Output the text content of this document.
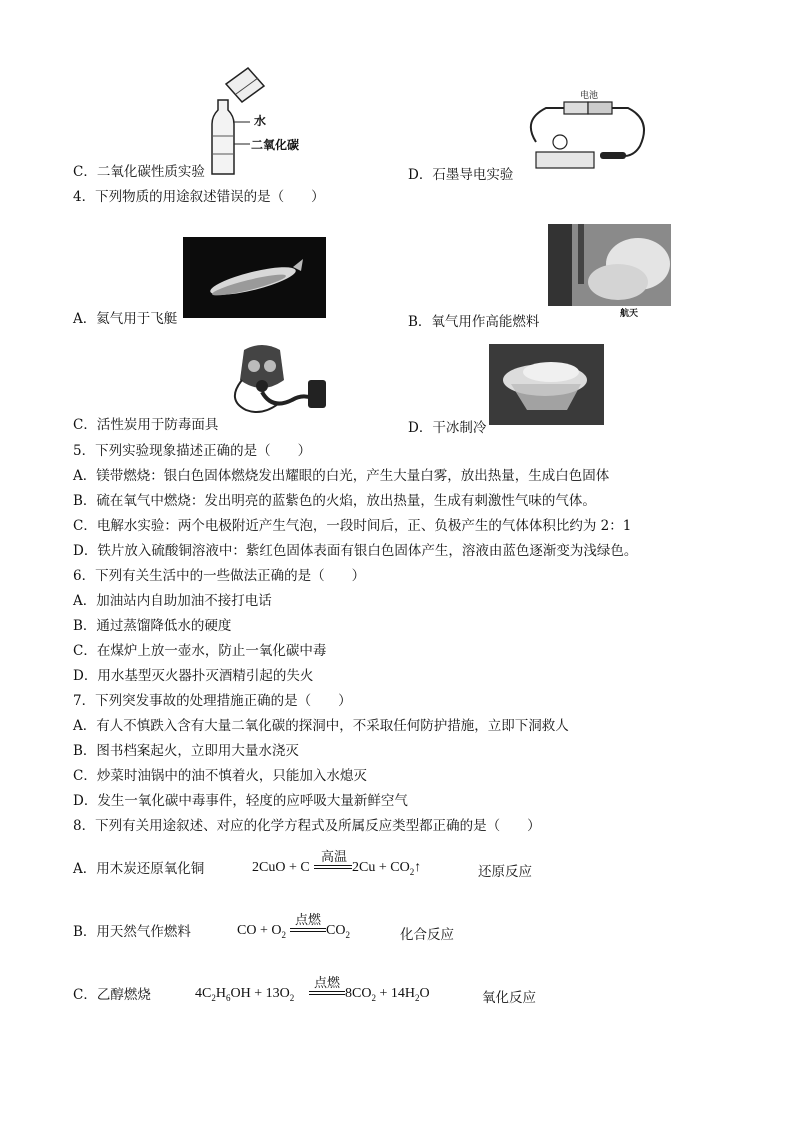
水
二氧化碳
电池
C．二氧化碳性质实验	D．石墨导电实验
4．下列物质的用途叙述错误的是（　　）
A．氦气用于飞艇	航天
B．氧气用作高能燃料
C．活性炭用于防毒面具	D．干冰制冷
5．下列实验现象描述正确的是（　　）
A．镁带燃烧：银白色固体燃烧发出耀眼的白光，产生大量白雾，放出热量，生成白色固体
B．硫在氧气中燃烧：发出明亮的蓝紫色的火焰，放出热量，生成有刺激性气味的气体。
C．电解水实验：两个电极附近产生气泡，一段时间后，正、负极产生的气体体积比约为 2：1
D．铁片放入硫酸铜溶液中：紫红色固体表面有银白色固体产生，溶液由蓝色逐渐变为浅绿色。
6．下列有关生活中的一些做法正确的是（　　）
A．加油站内自助加油不接打电话
B．通过蒸馏降低水的硬度
C．在煤炉上放一壶水，防止一氧化碳中毒
D．用水基型灭火器扑灭酒精引起的失火
7．下列突发事故的处理措施正确的是（　　）
A．有人不慎跌入含有大量二氧化碳的探洞中，不采取任何防护措施，立即下洞救人
B．图书档案起火，立即用大量水浇灭
C．炒菜时油锅中的油不慎着火，只能加入水熄灭
D．发生一氧化碳中毒事件，轻度的应呼吸大量新鲜空气
8．下列有关用途叙述、对应的化学方程式及所属反应类型都正确的是（　　）
A．用木炭还原氧化铜	2CuO + C
高温
$2Cu + CO_2↑$	还原反应
B．用天然气作燃料	CO + $O_2$
点燃
$CO_2$	化合反应
C．乙醇燃烧	$4C_2H_6OH + 13O_2$
点燃
$8CO_2 + 14H_2O$	氧化反应
